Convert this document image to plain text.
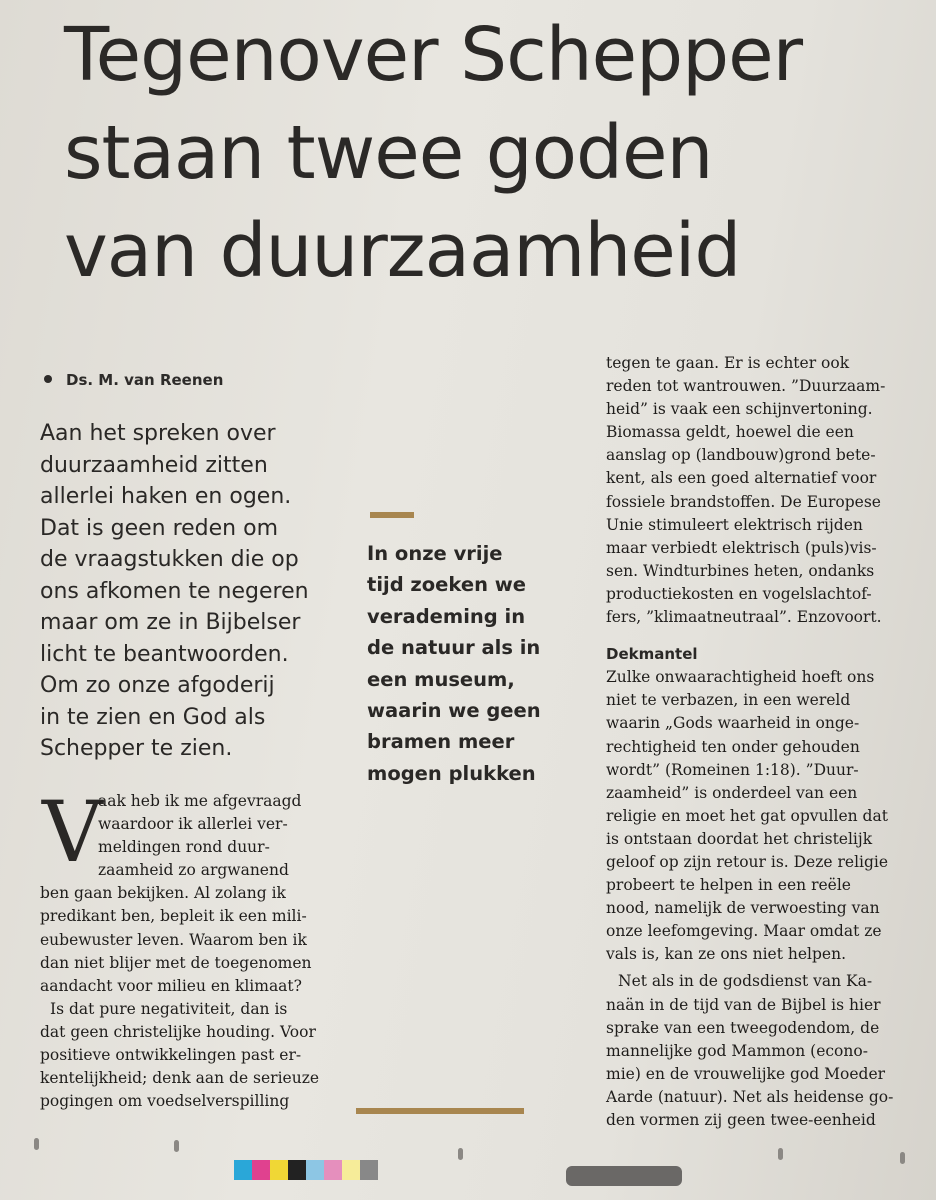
Tegenover Schepper
staan twee goden
van duurzaamheid
Ds. M. van Reenen
Aan het spreken over
duurzaamheid zitten
allerlei haken en ogen.
Dat is geen reden om
de vraagstukken die op
ons afkomen te negeren
maar om ze in Bijbelser
licht te beantwoorden.
Om zo onze afgoderij
in te zien en God als
Schepper te zien.
V
aak heb ik me afgevraagd
waardoor ik allerlei ver-
meldingen rond duur-
zaamheid zo argwanend
ben gaan bekijken. Al zolang ik
predikant ben, bepleit ik een mili-
eubewuster leven. Waarom ben ik
dan niet blijer met de toegenomen
aandacht voor milieu en klimaat?
Is dat pure negativiteit, dan is
dat geen christelijke houding. Voor
positieve ontwikkelingen past er-
kentelijkheid; denk aan de serieuze
pogingen om voedselverspilling
In onze vrije
tijd zoeken we
verademing in
de natuur als in
een museum,
waarin we geen
bramen meer
mogen plukken
tegen te gaan. Er is echter ook
reden tot wantrouwen. ”Duurzaam-
heid” is vaak een schijnvertoning.
Biomassa geldt, hoewel die een
aanslag op (landbouw)grond bete-
kent, als een goed alternatief voor
fossiele brandstoffen. De Europese
Unie stimuleert elektrisch rijden
maar verbiedt elektrisch (puls)vis-
sen. Windturbines heten, ondanks
productiekosten en vogelslachtof-
fers, ”klimaatneutraal”. Enzovoort.
Dekmantel
Zulke onwaarachtigheid hoeft ons
niet te verbazen, in een wereld
waarin „Gods waarheid in onge-
rechtigheid ten onder gehouden
wordt” (Romeinen 1:18). ”Duur-
zaamheid” is onderdeel van een
religie en moet het gat opvullen dat
is ontstaan doordat het christelijk
geloof op zijn retour is. Deze religie
probeert te helpen in een reële
nood, namelijk de verwoesting van
onze leefomgeving. Maar omdat ze
vals is, kan ze ons niet helpen.
Net als in de godsdienst van Ka-
naän in de tijd van de Bijbel is hier
sprake van een tweegodendom, de
mannelijke god Mammon (econo-
mie) en de vrouwelijke god Moeder
Aarde (natuur). Net als heidense go-
den vormen zij geen twee-eenheid
